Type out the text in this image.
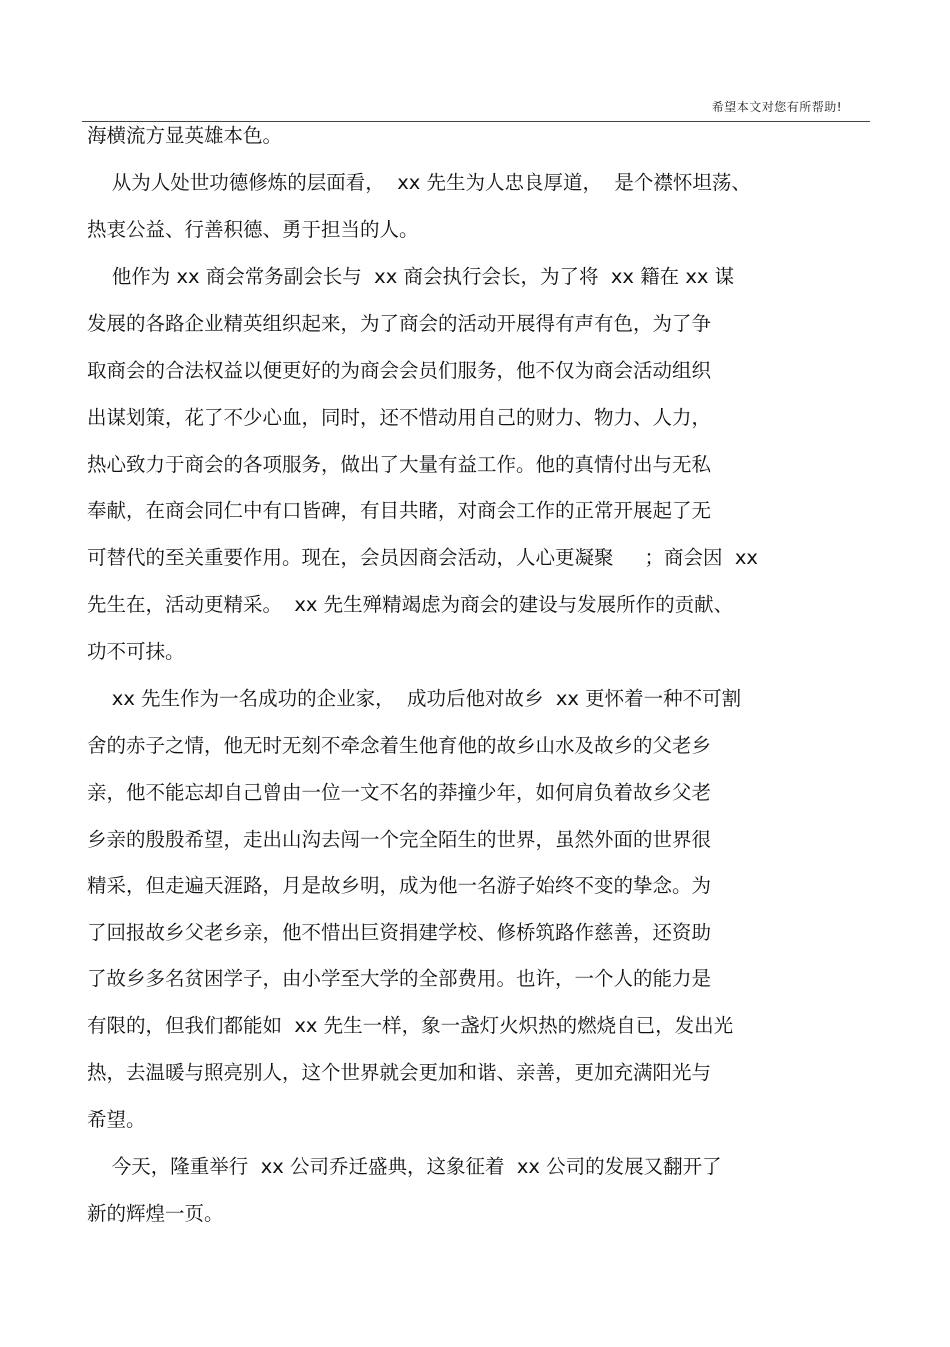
希望本文对您有所帮助!
海横流方显英雄本色。
从为人处世功德修炼的层面看，  xx 先生为人忠良厚道，  是个襟怀坦荡、
热衷公益、行善积德、勇于担当的人。
他作为 xx 商会常务副会长与  xx 商会执行会长，为了将  xx 籍在 xx 谋
发展的各路企业精英组织起来，为了商会的活动开展得有声有色，为了争
取商会的合法权益以便更好的为商会会员们服务，他不仅为商会活动组织
出谋划策，花了不少心血，同时，还不惜动用自己的财力、物力、人力，
热心致力于商会的各项服务，做出了大量有益工作。他的真情付出与无私
奉献，在商会同仁中有口皆碑，有目共睹，对商会工作的正常开展起了无
可替代的至关重要作用。现在，会员因商会活动，人心更凝聚     ；商会因  xx
先生在，活动更精采。  xx 先生殚精竭虑为商会的建设与发展所作的贡献、
功不可抹。
xx 先生作为一名成功的企业家，  成功后他对故乡  xx 更怀着一种不可割
舍的赤子之情，他无时无刻不牵念着生他育他的故乡山水及故乡的父老乡
亲，他不能忘却自己曾由一位一文不名的莽撞少年，如何肩负着故乡父老
乡亲的殷殷希望，走出山沟去闯一个完全陌生的世界，虽然外面的世界很
精采，但走遍天涯路，月是故乡明，成为他一名游子始终不变的挚念。为
了回报故乡父老乡亲，他不惜出巨资捐建学校、修桥筑路作慈善，还资助
了故乡多名贫困学子，由小学至大学的全部费用。也许，一个人的能力是
有限的，但我们都能如  xx 先生一样，象一盏灯火炽热的燃烧自已，发出光
热，去温暖与照亮别人，这个世界就会更加和谐、亲善，更加充满阳光与
希望。
今天，隆重举行  xx 公司乔迁盛典，这象征着  xx 公司的发展又翻开了
新的辉煌一页。
